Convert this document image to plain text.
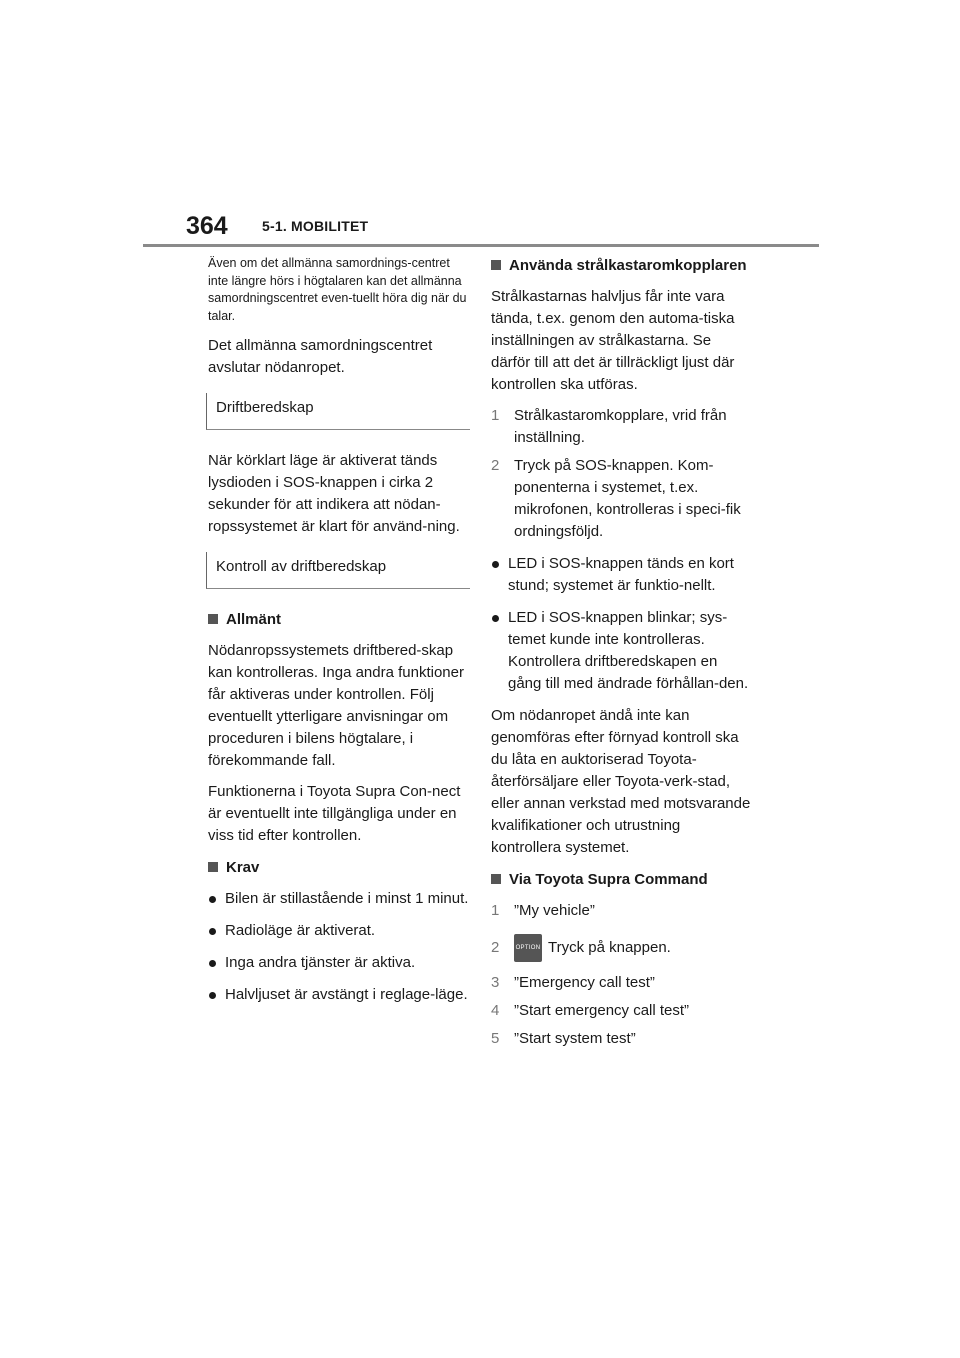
364 5-1. MOBILITET

Även om det allmänna samordnings-centret inte längre hörs i högtalaren kan det allmänna samordningscentret even-tuellt höra dig när du talar.

Det allmänna samordningscentret avslutar nödanropet.

Driftberedskap

När körklart läge är aktiverat tänds lysdioden i SOS-knappen i cirka 2 sekunder för att indikera att nödan-ropssystemet är klart för använd-ning.

Kontroll av driftberedskap
Allmänt

Nödanropssystemets driftbered-skap kan kontrolleras. Inga andra funktioner får aktiveras under kontrollen. Följ eventuellt ytterligare anvisningar om proceduren i bilens högtalare, i förekommande fall.

Funktionerna i Toyota Supra Con-nect är eventuellt inte tillgängliga under en viss tid efter kontrollen.

Krav
Bilen är stillastående i minst 1 minut.
Radioläge är aktiverat.
Inga andra tjänster är aktiva.
Halvljuset är avstängt i reglage-läge.
Använda strålkastaromkopplaren

Strålkastarnas halvljus får inte vara tända, t.ex. genom den automa-tiska inställningen av strålkastarna. Se därför till att det är tillräckligt ljust där kontrollen ska utföras.

1 Strålkastaromkopplare, vrid från inställning.
2 Tryck på SOS-knappen. Kom-ponenterna i systemet, t.ex. mikrofonen, kontrolleras i speci-fik ordningsföljd.
LED i SOS-knappen tänds en kort stund; systemet är funktio-nellt.
LED i SOS-knappen blinkar; sys-temet kunde inte kontrolleras. Kontrollera driftberedskapen en gång till med ändrade förhållan-den.

Om nödanropet ändå inte kan genomföras efter förnyad kontroll ska du låta en auktoriserad Toyota-återförsäljare eller Toyota-verk-stad, eller annan verkstad med motsvarande kvalifikationer och utrustning kontrollera systemet.

Via Toyota Supra Command
1 ”My vehicle”
2	OPTION Tryck på knappen.
3 ”Emergency call test”
4 ”Start emergency call test”
5 ”Start system test”
